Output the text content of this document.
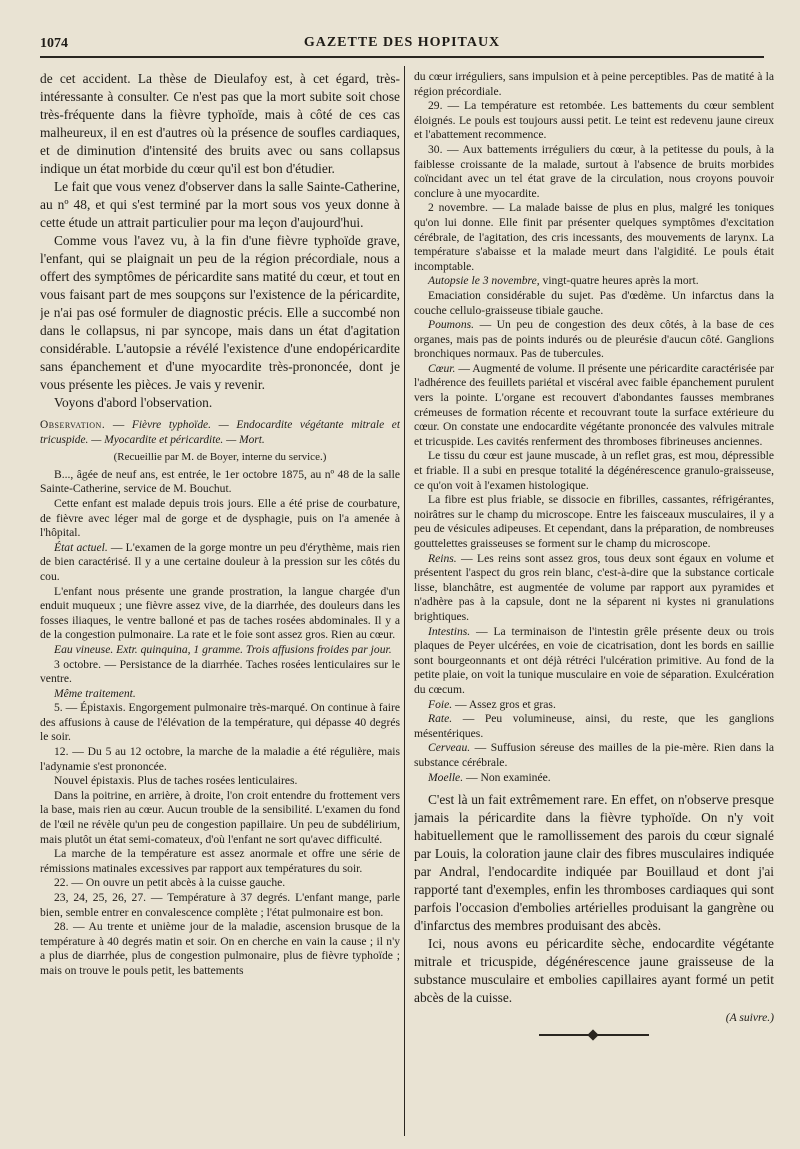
1074	GAZETTE DES HOPITAUX

de cet accident. La thèse de Dieulafoy est, à cet égard, très-intéressante à consulter. Ce n'est pas que la mort subite soit chose très-fréquente dans la fièvre typhoïde, mais à côté de ces cas malheureux, il en est d'autres où la présence de soufles cardiaques, et de diminution d'intensité des bruits avec ou sans collapsus indique un état morbide du cœur qu'il est bon d'étudier.

Le fait que vous venez d'observer dans la salle Sainte-Catherine, au nº 48, et qui s'est terminé par la mort sous vos yeux donne à cette étude un attrait particulier pour ma leçon d'aujourd'hui.

Comme vous l'avez vu, à la fin d'une fièvre typhoïde grave, l'enfant, qui se plaignait un peu de la région précordiale, nous a offert des symptômes de péricardite sans matité du cœur, et tout en vous faisant part de mes soupçons sur l'existence de la péricardite, je n'ai pas osé formuler de diagnostic précis. Elle a succombé non dans le collapsus, ni par syncope, mais dans un état d'agitation considérable. L'autopsie a révélé l'existence d'une endopéricardite sans épanchement et d'une myocardite très-prononcée, dont je vous présente les pièces. Je vais y revenir.

Voyons d'abord l'observation.

Observation. — Fièvre typhoïde. — Endocardite végétante mitrale et tricuspide. — Myocardite et péricardite. — Mort.

(Recueillie par M. de Boyer, interne du service.)

B..., âgée de neuf ans, est entrée, le 1er octobre 1875, au nº 48 de la salle Sainte-Catherine, service de M. Bouchut.

Cette enfant est malade depuis trois jours. Elle a été prise de courbature, de fièvre avec léger mal de gorge et de dysphagie, puis on l'a amenée à l'hôpital.

État actuel. — L'examen de la gorge montre un peu d'érythème, mais rien de bien caractérisé. Il y a une certaine douleur à la pression sur les côtés du cou.

L'enfant nous présente une grande prostration, la langue chargée d'un enduit muqueux ; une fièvre assez vive, de la diarrhée, des douleurs dans les fosses iliaques, le ventre balloné et pas de taches rosées abdominales. Il y a de la congestion pulmonaire. La rate et le foie sont assez gros. Rien au cœur.

Eau vineuse. Extr. quinquina, 1 gramme. Trois affusions froides par jour.

3 octobre. — Persistance de la diarrhée. Taches rosées lenticulaires sur le ventre.

Même traitement.

5. — Épistaxis. Engorgement pulmonaire très-marqué. On continue à faire des affusions à cause de l'élévation de la température, qui dépasse 40 degrés le soir.

12. — Du 5 au 12 octobre, la marche de la maladie a été régulière, mais l'adynamie s'est prononcée.

Nouvel épistaxis. Plus de taches rosées lenticulaires.

Dans la poitrine, en arrière, à droite, l'on croit entendre du frottement vers la base, mais rien au cœur. Aucun trouble de la sensibilité. L'examen du fond de l'œil ne révèle qu'un peu de congestion papillaire. Un peu de subdélirium, mais plutôt un état semi-comateux, d'où l'enfant ne sort qu'avec difficulté.

La marche de la température est assez anormale et offre une série de rémissions matinales excessives par rapport aux températures du soir.

22. — On ouvre un petit abcès à la cuisse gauche.

23, 24, 25, 26, 27. — Température à 37 degrés. L'enfant mange, parle bien, semble entrer en convalescence complète ; l'état pulmonaire est bon.

28. — Au trente et unième jour de la maladie, ascension brusque de la température à 40 degrés matin et soir. On en cherche en vain la cause ; il n'y a plus de diarrhée, plus de congestion pulmonaire, plus de fièvre typhoïde ; mais on trouve le pouls petit, les battements

du cœur irréguliers, sans impulsion et à peine perceptibles. Pas de matité à la région précordiale.

29. — La température est retombée. Les battements du cœur semblent éloignés. Le pouls est toujours aussi petit. Le teint est redevenu jaune cireux et l'abattement recommence.

30. — Aux battements irréguliers du cœur, à la petitesse du pouls, à la faiblesse croissante de la malade, surtout à l'absence de bruits morbides coïncidant avec un tel état grave de la circulation, nous croyons pouvoir conclure à une myocardite.

2 novembre. — La malade baisse de plus en plus, malgré les toniques qu'on lui donne. Elle finit par présenter quelques symptômes d'excitation cérébrale, de l'agitation, des cris incessants, des mouvements de larynx. La température s'abaisse et la malade meurt dans l'algidité. Le pouls était incomptable.

Autopsie le 3 novembre, vingt-quatre heures après la mort.

Emaciation considérable du sujet. Pas d'œdème. Un infarctus dans la couche cellulo-graisseuse tibiale gauche.

Poumons. — Un peu de congestion des deux côtés, à la base de ces organes, mais pas de points indurés ou de pleurésie d'aucun côté. Ganglions bronchiques normaux. Pas de tubercules.

Cœur. — Augmenté de volume. Il présente une péricardite caractérisée par l'adhérence des feuillets pariétal et viscéral avec faible épanchement purulent vers la pointe. L'organe est recouvert d'abondantes fausses membranes crémeuses de formation récente et recouvrant toute la surface extérieure du cœur. On constate une endocardite végétante prononcée des valvules mitrale et tricuspide. Les cavités renferment des thromboses fibrineuses anciennes.

Le tissu du cœur est jaune muscade, à un reflet gras, est mou, dépressible et friable. Il a subi en presque totalité la dégénérescence granulo-graisseuse, ce qu'on voit à l'examen histologique.

La fibre est plus friable, se dissocie en fibrilles, cassantes, réfrigérantes, noirâtres sur le champ du microscope. Entre les faisceaux musculaires, il y a peu de vésicules adipeuses. Et cependant, dans la préparation, de nombreuses gouttelettes graisseuses se forment sur le champ du microscope.

Reins. — Les reins sont assez gros, tous deux sont égaux en volume et présentent l'aspect du gros rein blanc, c'est-à-dire que la substance corticale lisse, blanchâtre, est augmentée de volume par rapport aux pyramides et n'adhère pas à la capsule, dont ne la séparent ni kystes ni granulations brightiques.

Intestins. — La terminaison de l'intestin grêle présente deux ou trois plaques de Peyer ulcérées, en voie de cicatrisation, dont les bords en saillie sont bourgeonnants et ont déjà rétréci l'ulcération primitive. Au fond de la petite plaie, on voit la tunique musculaire en voie de séparation. Exulcération du cœcum.

Foie. — Assez gros et gras.

Rate. — Peu volumineuse, ainsi, du reste, que les ganglions mésentériques.

Cerveau. — Suffusion séreuse des mailles de la pie-mère. Rien dans la substance cérébrale.

Moelle. — Non examinée.

C'est là un fait extrêmement rare. En effet, on n'observe presque jamais la péricardite dans la fièvre typhoïde. On n'y voit habituellement que le ramollissement des parois du cœur signalé par Louis, la coloration jaune clair des fibres musculaires indiquée par Andral, l'endocardite indiquée par Bouillaud et dont j'ai rapporté tant d'exemples, enfin les thromboses cardiaques qui sont parfois l'occasion d'embolies artérielles produisant la gangrène ou d'infarctus des membres produisant des abcès.

Ici, nous avons eu péricardite sèche, endocardite végétante mitrale et tricuspide, dégénérescence jaune graisseuse de la substance musculaire et embolies capillaires ayant formé un petit abcès de la cuisse.

(A suivre.)
